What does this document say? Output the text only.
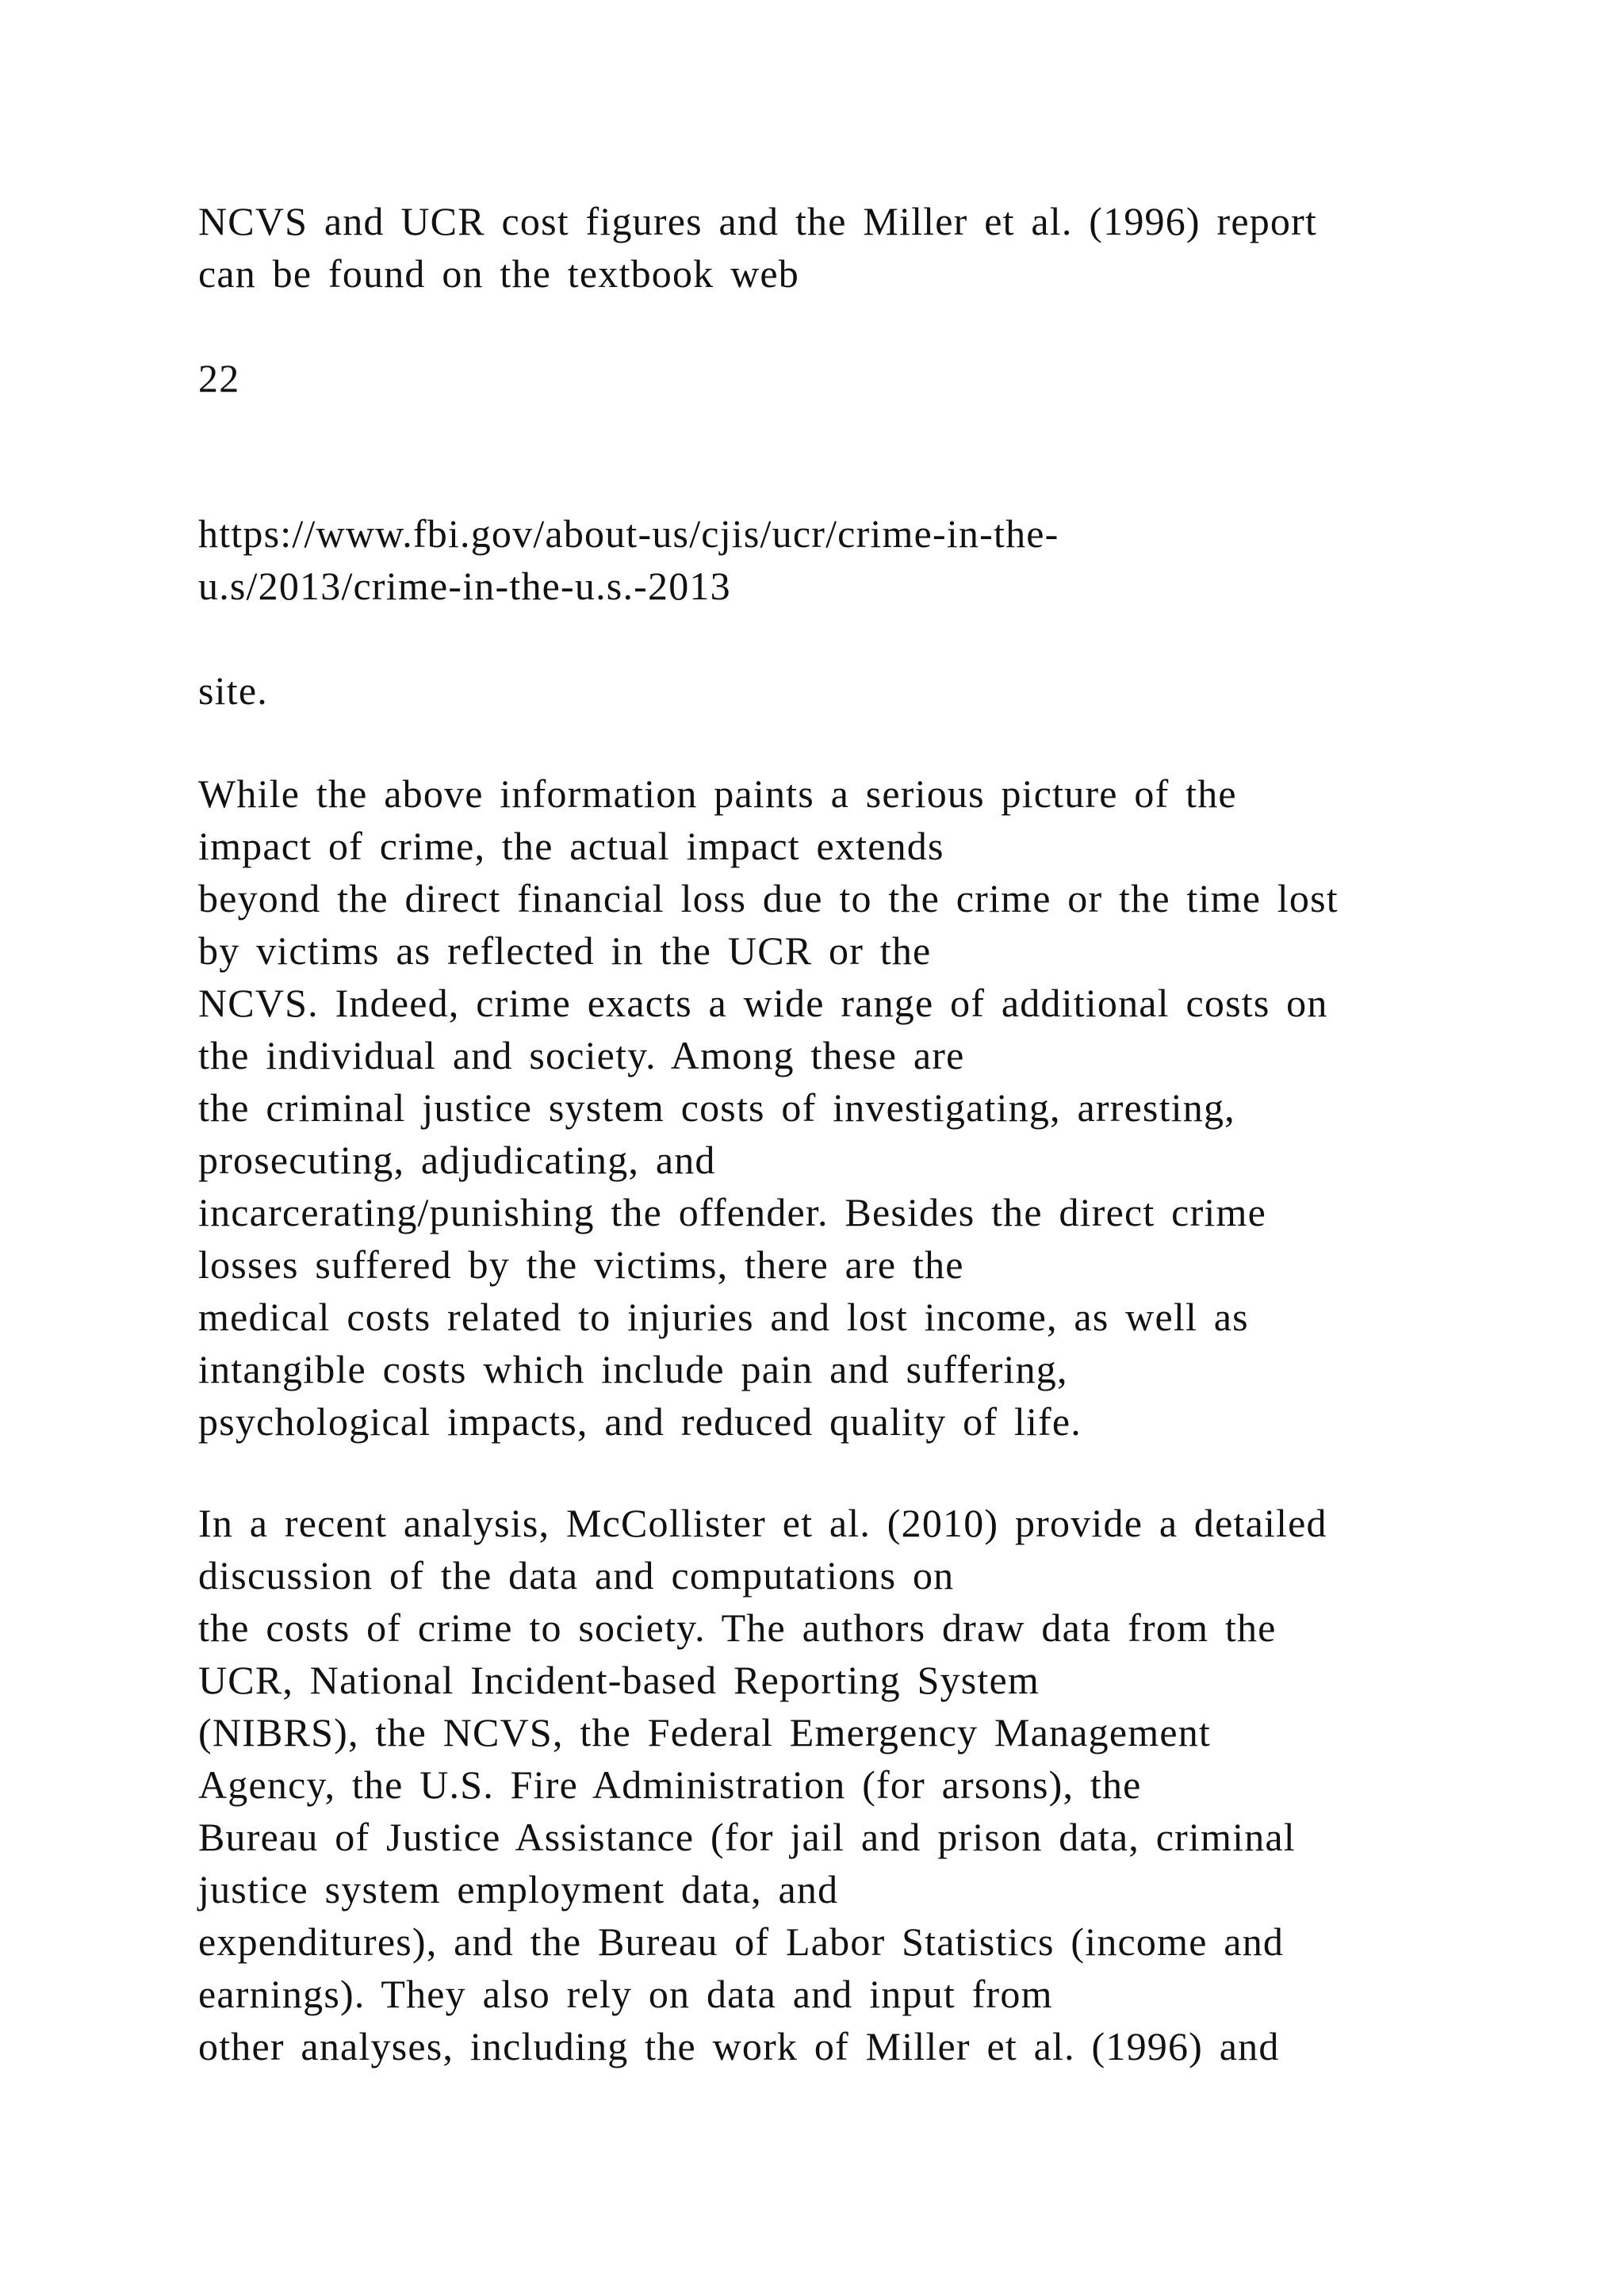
NCVS and UCR cost figures and the Miller et al. (1996) report
can be found on the textbook web
22
https://www.fbi.gov/about-us/cjis/ucr/crime-in-the-
u.s/2013/crime-in-the-u.s.-2013
site.
While the above information paints a serious picture of the
impact of crime, the actual impact extends
beyond the direct financial loss due to the crime or the time lost
by victims as reflected in the UCR or the
NCVS. Indeed, crime exacts a wide range of additional costs on
the individual and society. Among these are
the criminal justice system costs of investigating, arresting,
prosecuting, adjudicating, and
incarcerating/punishing the offender. Besides the direct crime
losses suffered by the victims, there are the
medical costs related to injuries and lost income, as well as
intangible costs which include pain and suffering,
psychological impacts, and reduced quality of life.
In a recent analysis, McCollister et al. (2010) provide a detailed
discussion of the data and computations on
the costs of crime to society. The authors draw data from the
UCR, National Incident-based Reporting System
(NIBRS), the NCVS, the Federal Emergency Management
Agency, the U.S. Fire Administration (for arsons), the
Bureau of Justice Assistance (for jail and prison data, criminal
justice system employment data, and
expenditures), and the Bureau of Labor Statistics (income and
earnings). They also rely on data and input from
other analyses, including the work of Miller et al. (1996) and
